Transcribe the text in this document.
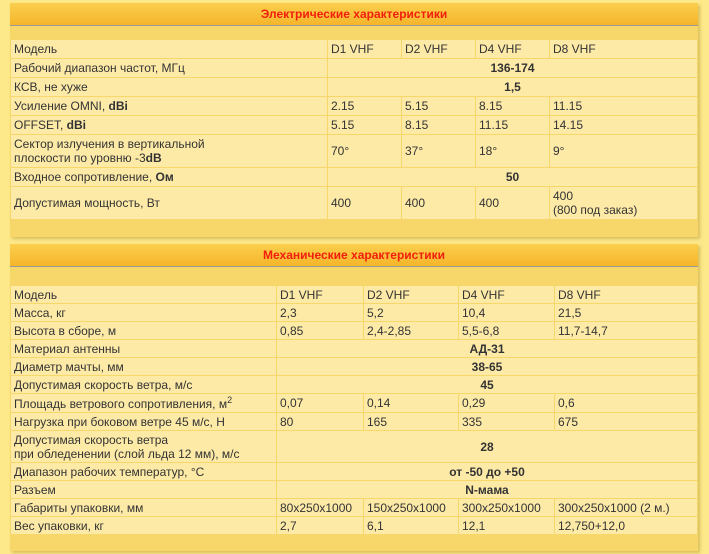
Электрические характеристики
Модель	D1 VHF	D2 VHF	D4 VHF	D8 VHF
Рабочий диапазон частот, МГц	136-174			
КСВ, не хуже	1,5			
Усиление OMNI, dBi	2.15	5.15	8.15	11.15
OFFSET, dBi	5.15	8.15	11.15	14.15
Сектор излучения в вертикальной
плоскости по уровню -3dB	70°	37°	18°	9°
Входное сопротивление, Ом	50			
Допустимая мощность, Вт	400	400	400	400
(800 под заказ)
Механические характеристики
Модель	D1 VHF	D2 VHF	D4 VHF	D8 VHF
Масса, кг	2,3	5,2	10,4	21,5
Высота в сборе, м	0,85	2,4-2,85	5,5-6,8	11,7-14,7
Материал антенны	АД-31			
Диаметр мачты, мм	38-65			
Допустимая скорость ветра, м/с	45			
Площадь ветрового сопротивления, $м^2$	0,07	0,14	0,29	0,6
Нагрузка при боковом ветре 45 м/с, Н	80	165	335	675
Допустимая скорость ветра
при обледенении (слой льда 12 мм), м/с	28			
Диапазон рабочих температур, °C	от -50 до +50			
Разъем	N-мама			
Габариты упаковки, мм	80x250x1000	150x250x1000	300x250x1000	300x250x1000 (2 м.)
Вес упаковки, кг	2,7	6,1	12,1	12,750+12,0
